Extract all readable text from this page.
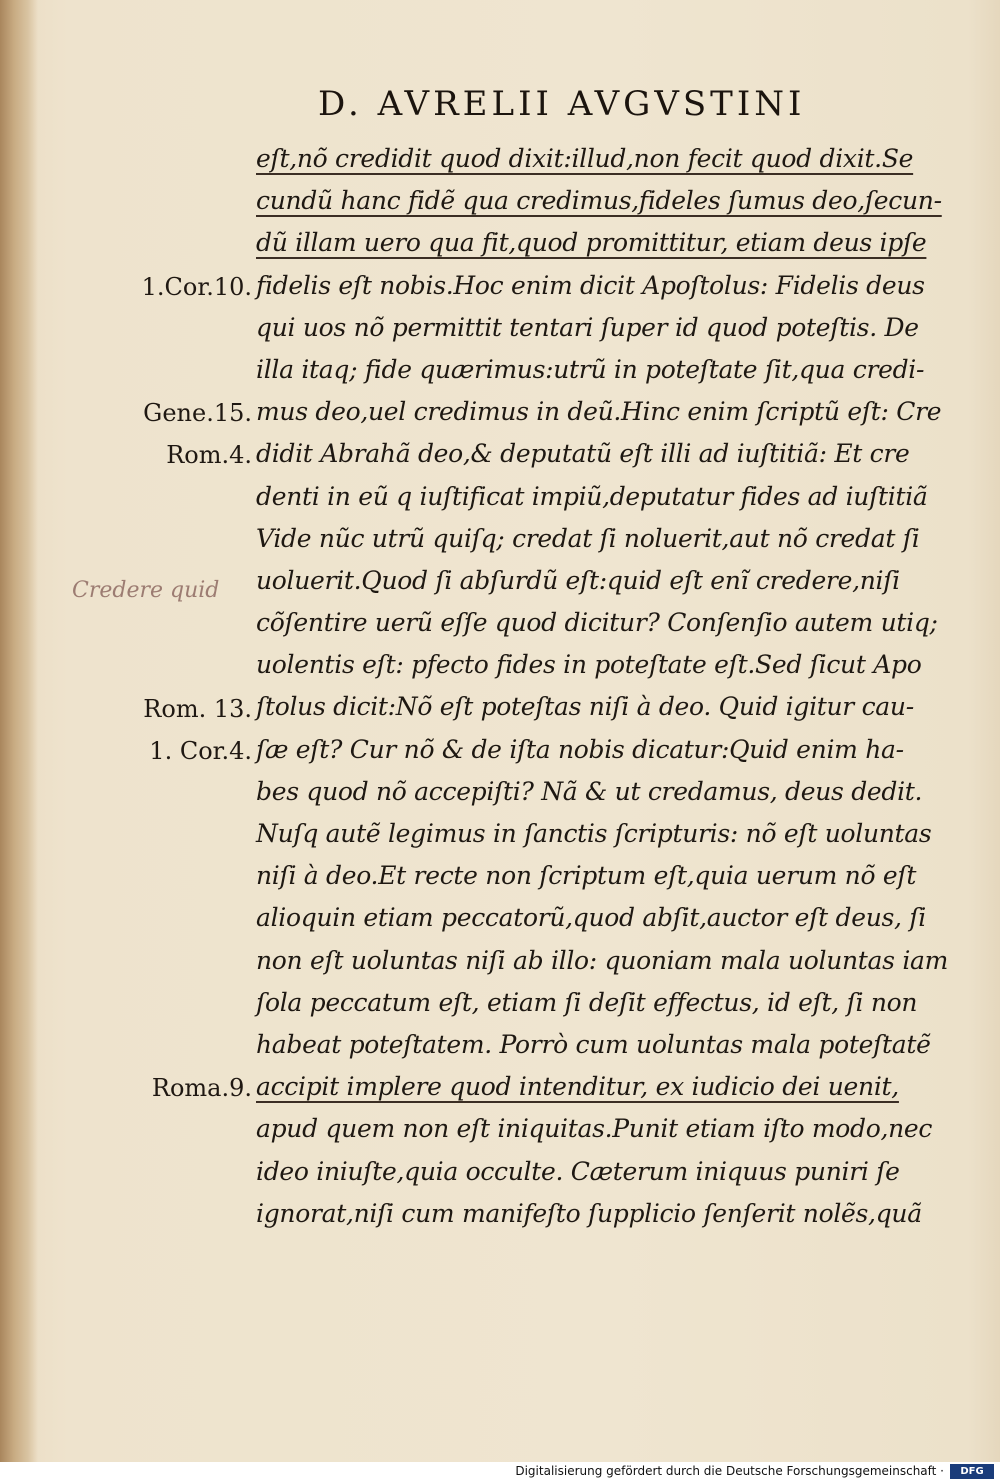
D. AVRELII AVGVSTINI
eſt,nõ credidit quod dixit:illud,non fecit quod dixit.Se
cundũ hanc fidẽ qua credimus,fideles ſumus deo,ſecun-
dũ illam uero qua fit,quod promittitur, etiam deus ipſe
fidelis eſt nobis.Hoc enim dicit Apoſtolus: Fidelis deus
qui uos nõ permittit tentari ſuper id quod poteſtis. De
illa itaq; fide quærimus:utrũ in poteſtate ſit,qua credi-
mus deo,uel credimus in deũ.Hinc enim ſcriptũ eſt: Cre
didit Abrahã deo,& deputatũ eſt illi ad iuſtitiã: Et cre
denti in eũ q iuſtificat impiũ,deputatur fides ad iuſtitiã
Vide nũc utrũ quiſq; credat ſi noluerit,aut nõ credat ſi
uoluerit.Quod ſi abſurdũ eſt:quid eſt enĩ credere,niſi
cõſentire uerũ eſſe quod dicitur? Conſenſio autem utiq;
uolentis eſt: pfecto fides in poteſtate eſt.Sed ſicut Apo
ſtolus dicit:Nõ eſt poteſtas niſi à deo. Quid igitur cau-
ſæ eſt? Cur nõ & de iſta nobis dicatur:Quid enim ha-
bes quod nõ accepiſti? Nã & ut credamus, deus dedit.
Nuſq autẽ legimus in ſanctis ſcripturis: nõ eſt uoluntas
niſi à deo.Et recte non ſcriptum eſt,quia uerum nõ eſt
alioquin etiam peccatorũ,quod abſit,auctor eſt deus, ſi
non eſt uoluntas niſi ab illo: quoniam mala uoluntas iam
ſola peccatum eſt, etiam ſi deſit effectus, id eſt, ſi non
habeat poteſtatem. Porrò cum uoluntas mala poteſtatẽ
accipit implere quod intenditur, ex iudicio dei uenit,
apud quem non eſt iniquitas.Punit etiam iſto modo,nec
ideo iniuſte,quia occulte. Cæterum iniquus puniri ſe
ignorat,niſi cum manifeſto ſupplicio ſenſerit nolẽs,quã
1.Cor.10.
Gene.15.
Rom.4.
Rom. 13.
1. Cor.4.
Roma.9.
Credere quid
Digitalisierung gefördert durch die Deutsche Forschungsgemeinschaft ·	DFG
